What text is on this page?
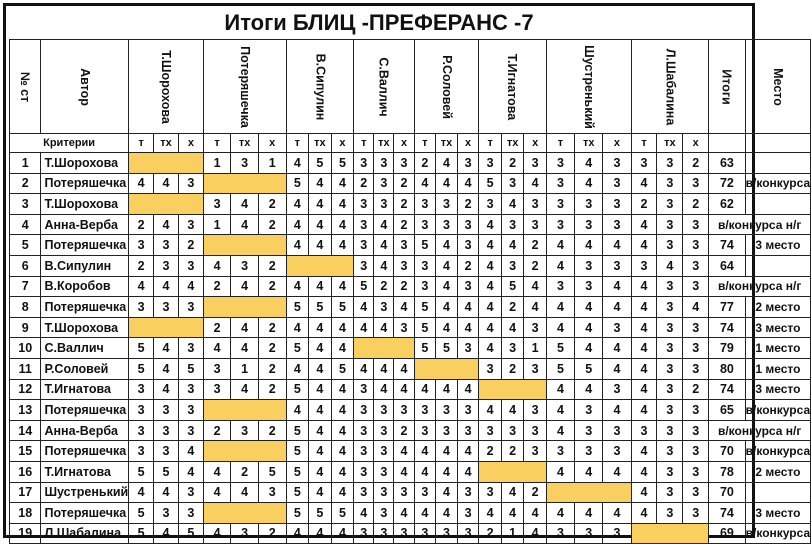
Итоги БЛИЦ -ПРЕФЕРАНС -7
№ ст	Автор	Т.Шорохова			Потеряшечка			В.Сипулин			С.Валлич			Р.Соловей			Т.Игнатова			Шустренький			Л.Шабалина			Итоги	Место
Критерии		т	тх	х	т	тх	х	т	тх	х	т	тх	х	т	тх	х	т	тх	х	т	тх	х	т	тх	х		
1	Т.Шорохова				1	3	1	4	5	5	3	3	3	2	4	3	3	2	3	3	4	3	3	3	2	63	
2	Потеряшечка	4	4	3				5	4	4	2	3	2	4	4	4	5	3	4	3	4	3	4	3	3	72	в/конкурса
3	Т.Шорохова				3	4	2	4	4	4	3	3	2	3	3	2	3	4	3	3	3	3	2	3	2	62	
4	Анна-Верба	2	4	3	1	4	2	4	4	4	3	4	2	3	3	3	4	3	3	3	3	3	4	3	3	в/конкурса н/г	
5	Потеряшечка	3	3	2				4	4	4	3	4	3	5	4	3	4	4	2	4	4	4	4	3	3	74	3 место
6	В.Сипулин	2	3	3	4	3	2				3	4	3	3	4	2	4	3	2	4	3	3	3	4	3	64	
7	В.Коробов	4	4	4	2	4	2	4	4	4	5	2	2	3	4	3	4	5	4	3	3	4	4	3	3	в/конкурса н/г	
8	Потеряшечка	3	3	3				5	5	5	4	3	4	5	4	4	4	2	4	4	4	4	4	3	4	77	2 место
9	Т.Шорохова				2	4	2	4	4	4	4	4	3	5	4	4	4	4	3	4	4	3	4	3	3	74	3 место
10	С.Валлич	5	4	3	4	4	2	5	4	4				5	5	3	4	3	1	5	4	4	4	3	3	79	1 место
11	Р.Соловей	5	4	5	3	1	2	4	4	5	4	4	4				3	2	3	5	5	4	4	3	3	80	1 место
12	Т.Игнатова	3	4	3	3	4	2	5	4	4	3	4	4	4	4	4				4	4	3	4	3	2	74	3 место
13	Потеряшечка	3	3	3				4	4	4	3	3	3	3	3	3	4	4	3	4	3	4	4	3	3	65	в/конкурса
14	Анна-Верба	3	3	3	2	3	2	5	4	4	3	3	2	3	3	3	3	3	3	4	3	3	3	3	3	в/конкурса н/г	
15	Потеряшечка	3	3	4				5	4	4	3	3	4	4	4	4	2	2	3	3	3	3	4	3	3	70	в/конкурса
16	Т.Игнатова	5	5	4	4	2	5	5	4	4	3	3	4	4	4	4				4	4	4	4	3	3	78	2 место
17	Шустренький	4	4	3	4	4	3	5	4	4	3	3	3	3	4	3	3	4	2				4	3	3	70	
18	Потеряшечка	5	3	3				5	5	5	4	3	4	4	4	3	4	4	4	4	4	4	4	3	3	74	3 место
19	Л.Шабалина	5	4	5	4	3	2	4	4	4	3	3	3	3	3	3	2	1	4	3	3	3				69	в/конкурса
